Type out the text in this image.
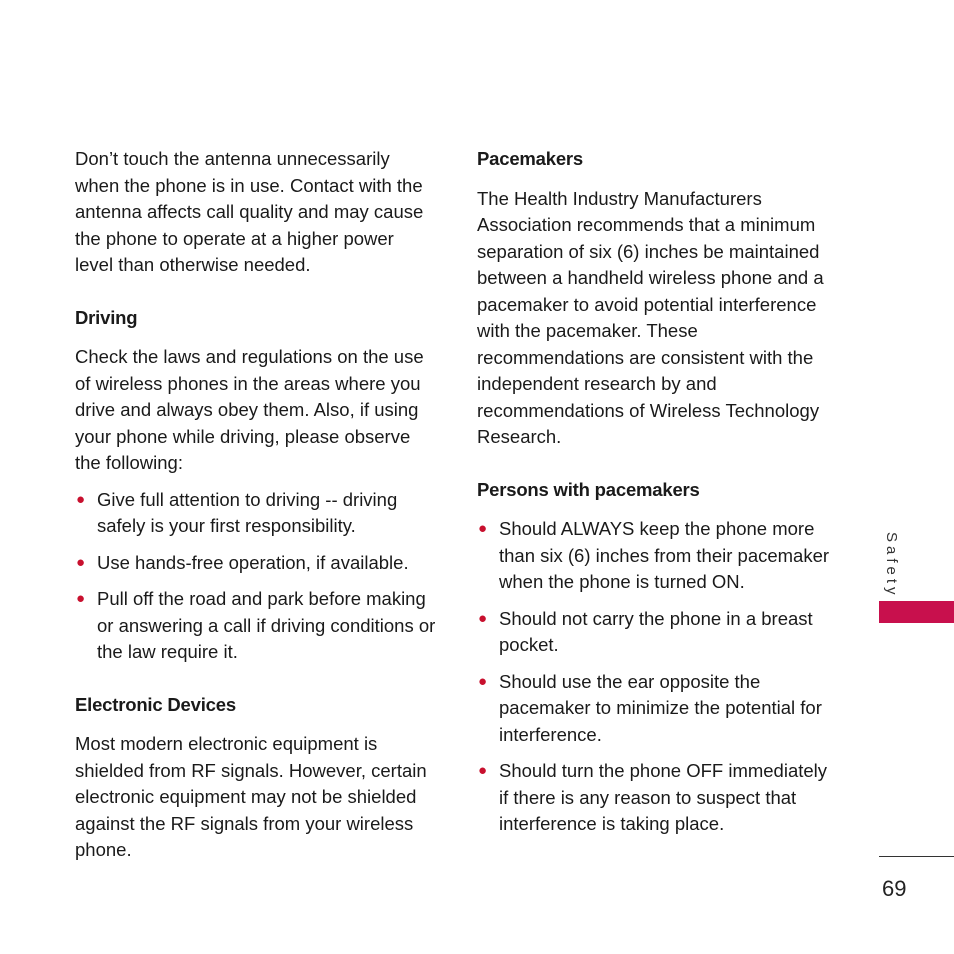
Don’t touch the antenna unnecessarily when the phone is in use. Contact with the antenna affects call quality and may cause the phone to operate at a higher power level than otherwise needed.

Driving

Check the laws and regulations on the use of wireless phones in the areas where you drive and always obey them. Also, if using your phone while driving, please observe the following:

● Give full attention to driving -- driving safely is your first responsibility.
● Use hands-free operation, if available.
● Pull off the road and park before making or answering a call if driving conditions or the law require it.
Electronic Devices

Most modern electronic equipment is shielded from RF signals. However, certain electronic equipment may not be shielded against the RF signals from your wireless phone.

Pacemakers

The Health Industry Manufacturers Association recommends that a minimum separation of six (6) inches be maintained between a handheld wireless phone and a pacemaker to avoid potential interference with the pacemaker. These recommendations are consistent with the independent research by and recommendations of Wireless Technology Research.

Persons with pacemakers
● Should ALWAYS keep the phone more than six (6) inches from their pacemaker when the phone is turned ON.
● Should not carry the phone in a breast pocket.
● Should use the ear opposite the pacemaker to minimize the potential for interference.
● Should turn the phone OFF immediately if there is any reason to suspect that interference is taking place.
Safety
69
